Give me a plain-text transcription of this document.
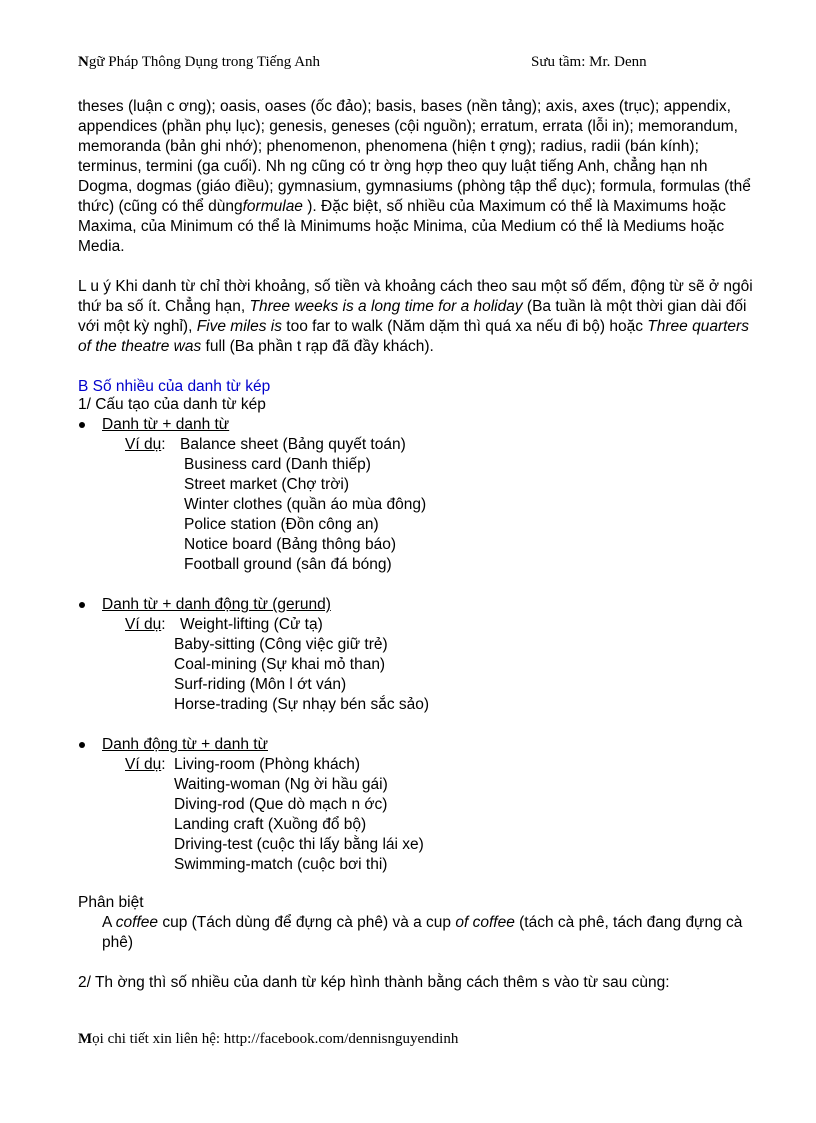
Ngữ Pháp Thông Dụng trong Tiếng Anh	Sưu tầm: Mr. Denn
theses (luận c ơng); oasis, oases (ốc đảo); basis, bases (nền tảng); axis, axes (trục); appendix,
appendices (phần phụ lục); genesis, geneses (cội nguồn); erratum, errata (lỗi in); memorandum,
memoranda (bản ghi nhớ); phenomenon, phenomena (hiện t ợng); radius, radii (bán kính);
terminus, termini (ga cuối). Nh ng cũng có tr ờng hợp theo quy luật tiếng Anh, chẳng hạn nh
Dogma, dogmas (giáo điều); gymnasium, gymnasiums (phòng tập thể dục); formula, formulas (thể
thức) (cũng có thể dùngformulae ). Đặc biệt, số nhiều của Maximum có thể là Maximums hoặc
Maxima, của Minimum có thể là Minimums hoặc Minima, của Medium có thể là Mediums hoặc
Media.
L u ý Khi danh từ chỉ thời khoảng, số tiền và khoảng cách theo sau một số đếm, động từ sẽ ở ngôi
thứ ba số ít. Chẳng hạn, Three weeks is a long time for a holiday (Ba tuần là một thời gian dài đối
với một kỳ nghỉ), Five miles is too far to walk (Năm dặm thì quá xa nếu đi bộ) hoặc Three quarters
of the theatre was full (Ba phần t rạp đã đầy khách).
B Số nhiều của danh từ kép
1/ Cấu tạo của danh từ kép
Danh từ + danh từ
Ví dụ: Balance sheet (Bảng quyết toán)
Business card (Danh thiếp)
Street market (Chợ trời)
Winter clothes (quần áo mùa đông)
Police station (Đồn công an)
Notice board (Bảng thông báo)
Football ground (sân đá bóng)
Danh từ + danh động từ (gerund)
Ví dụ: Weight-lifting (Cử tạ)
Baby-sitting (Công việc giữ trẻ)
Coal-mining (Sự khai mỏ than)
Surf-riding (Môn l ớt ván)
Horse-trading (Sự nhạy bén sắc sảo)
Danh động từ + danh từ
Ví dụ: Living-room (Phòng khách)
Waiting-woman (Ng ời hầu gái)
Diving-rod (Que dò mạch n ớc)
Landing craft (Xuồng đổ bộ)
Driving-test (cuộc thi lấy bằng lái xe)
Swimming-match (cuộc bơi thi)
Phân biệt
A coffee cup (Tách dùng để đựng cà phê) và a cup of coffee (tách cà phê, tách đang đựng cà
phê)
2/ Th ờng thì số nhiều của danh từ kép hình thành bằng cách thêm s vào từ sau cùng:
Mọi chi tiết xin liên hệ: http://facebook.com/dennisnguyendinh
